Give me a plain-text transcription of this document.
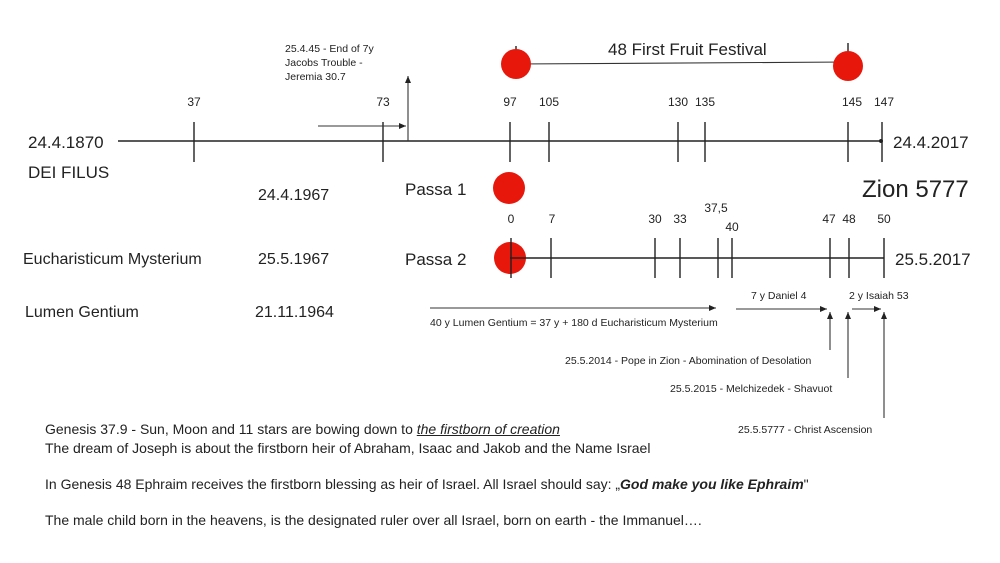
24.4.1870
DEI FILUS
24.4.2017
37	73	97 105	130 135	145 147
25.4.45 - End of 7y
Jacobs Trouble -
Jeremia 30.7
48 First Fruit Festival
24.4.1967	Passa 1	Zion 5777
Eucharisticum Mysterium	25.5.1967	Passa 2	25.5.2017
0	7	30 33
37,5
40
47 48 50
Lumen Gentium	21.11.1964
40 y Lumen Gentium = 37 y + 180 d Eucharisticum Mysterium
7 y Daniel 4	2 y Isaiah 53
25.5.2014 - Pope in Zion - Abomination of Desolation
25.5.2015 - Melchizedek - Shavuot
25.5.5777 - Christ Ascension

Genesis 37.9 - Sun, Moon and 11 stars are bowing down to the firstborn of creation

The dream of Joseph is about the firstborn heir of Abraham, Isaac and Jakob and the Name Israel

In Genesis 48 Ephraim receives the firstborn blessing as heir of Israel. All Israel should say: „God make you like Ephraim"

The male child born in the heavens, is the designated ruler over all Israel, born on earth - the Immanuel….
